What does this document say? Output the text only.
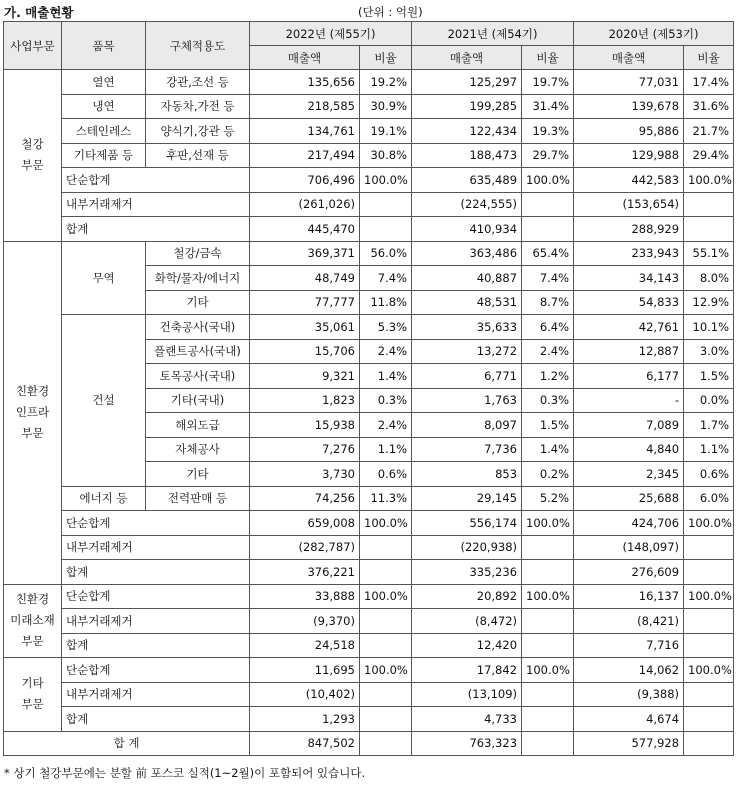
가. 매출현황	(단위 : 억원)
사업부문	품목	구체적용도	2022년 (제55기)		2021년 (제54기)		2020년 (제53기)	
			매출액	비율	매출액	비율	매출액	비율
철강
부문	열연	강관,조선 등	135,656	19.2%	125,297	19.7%	77,031	17.4%
	냉연	자동차,가전 등	218,585	30.9%	199,285	31.4%	139,678	31.6%
	스테인레스	양식기,강관 등	134,761	19.1%	122,434	19.3%	95,886	21.7%
	기타제품 등	후판,선재 등	217,494	30.8%	188,473	29.7%	129,988	29.4%
	단순합계		706,496	100.0%	635,489	100.0%	442,583	100.0%
	내부거래제거		(261,026)		(224,555)		(153,654)	
	합계		445,470		410,934		288,929	
친환경
인프라
부문	무역	철강/금속	369,371	56.0%	363,486	65.4%	233,943	55.1%
		화학/물자/에너지	48,749	7.4%	40,887	7.4%	34,143	8.0%
		기타	77,777	11.8%	48,531	8.7%	54,833	12.9%
	건설	건축공사(국내)	35,061	5.3%	35,633	6.4%	42,761	10.1%
		플랜트공사(국내)	15,706	2.4%	13,272	2.4%	12,887	3.0%
		토목공사(국내)	9,321	1.4%	6,771	1.2%	6,177	1.5%
		기타(국내)	1,823	0.3%	1,763	0.3%	-	0.0%
		해외도급	15,938	2.4%	8,097	1.5%	7,089	1.7%
		자체공사	7,276	1.1%	7,736	1.4%	4,840	1.1%
		기타	3,730	0.6%	853	0.2%	2,345	0.6%
	에너지 등	전력판매 등	74,256	11.3%	29,145	5.2%	25,688	6.0%
	단순합계		659,008	100.0%	556,174	100.0%	424,706	100.0%
	내부거래제거		(282,787)		(220,938)		(148,097)	
	합계		376,221		335,236		276,609	
친환경
미래소재
부문	단순합계		33,888	100.0%	20,892	100.0%	16,137	100.0%
	내부거래제거		(9,370)		(8,472)		(8,421)	
	합계		24,518		12,420		7,716	
기타
부문	단순합계		11,695	100.0%	17,842	100.0%	14,062	100.0%
	내부거래제거		(10,402)		(13,109)		(9,388)	
	합계		1,293		4,733		4,674	
합 계			847,502		763,323		577,928	
* 상기 철강부문에는 분할 前 포스코 실적(1~2월)이 포함되어 있습니다.
